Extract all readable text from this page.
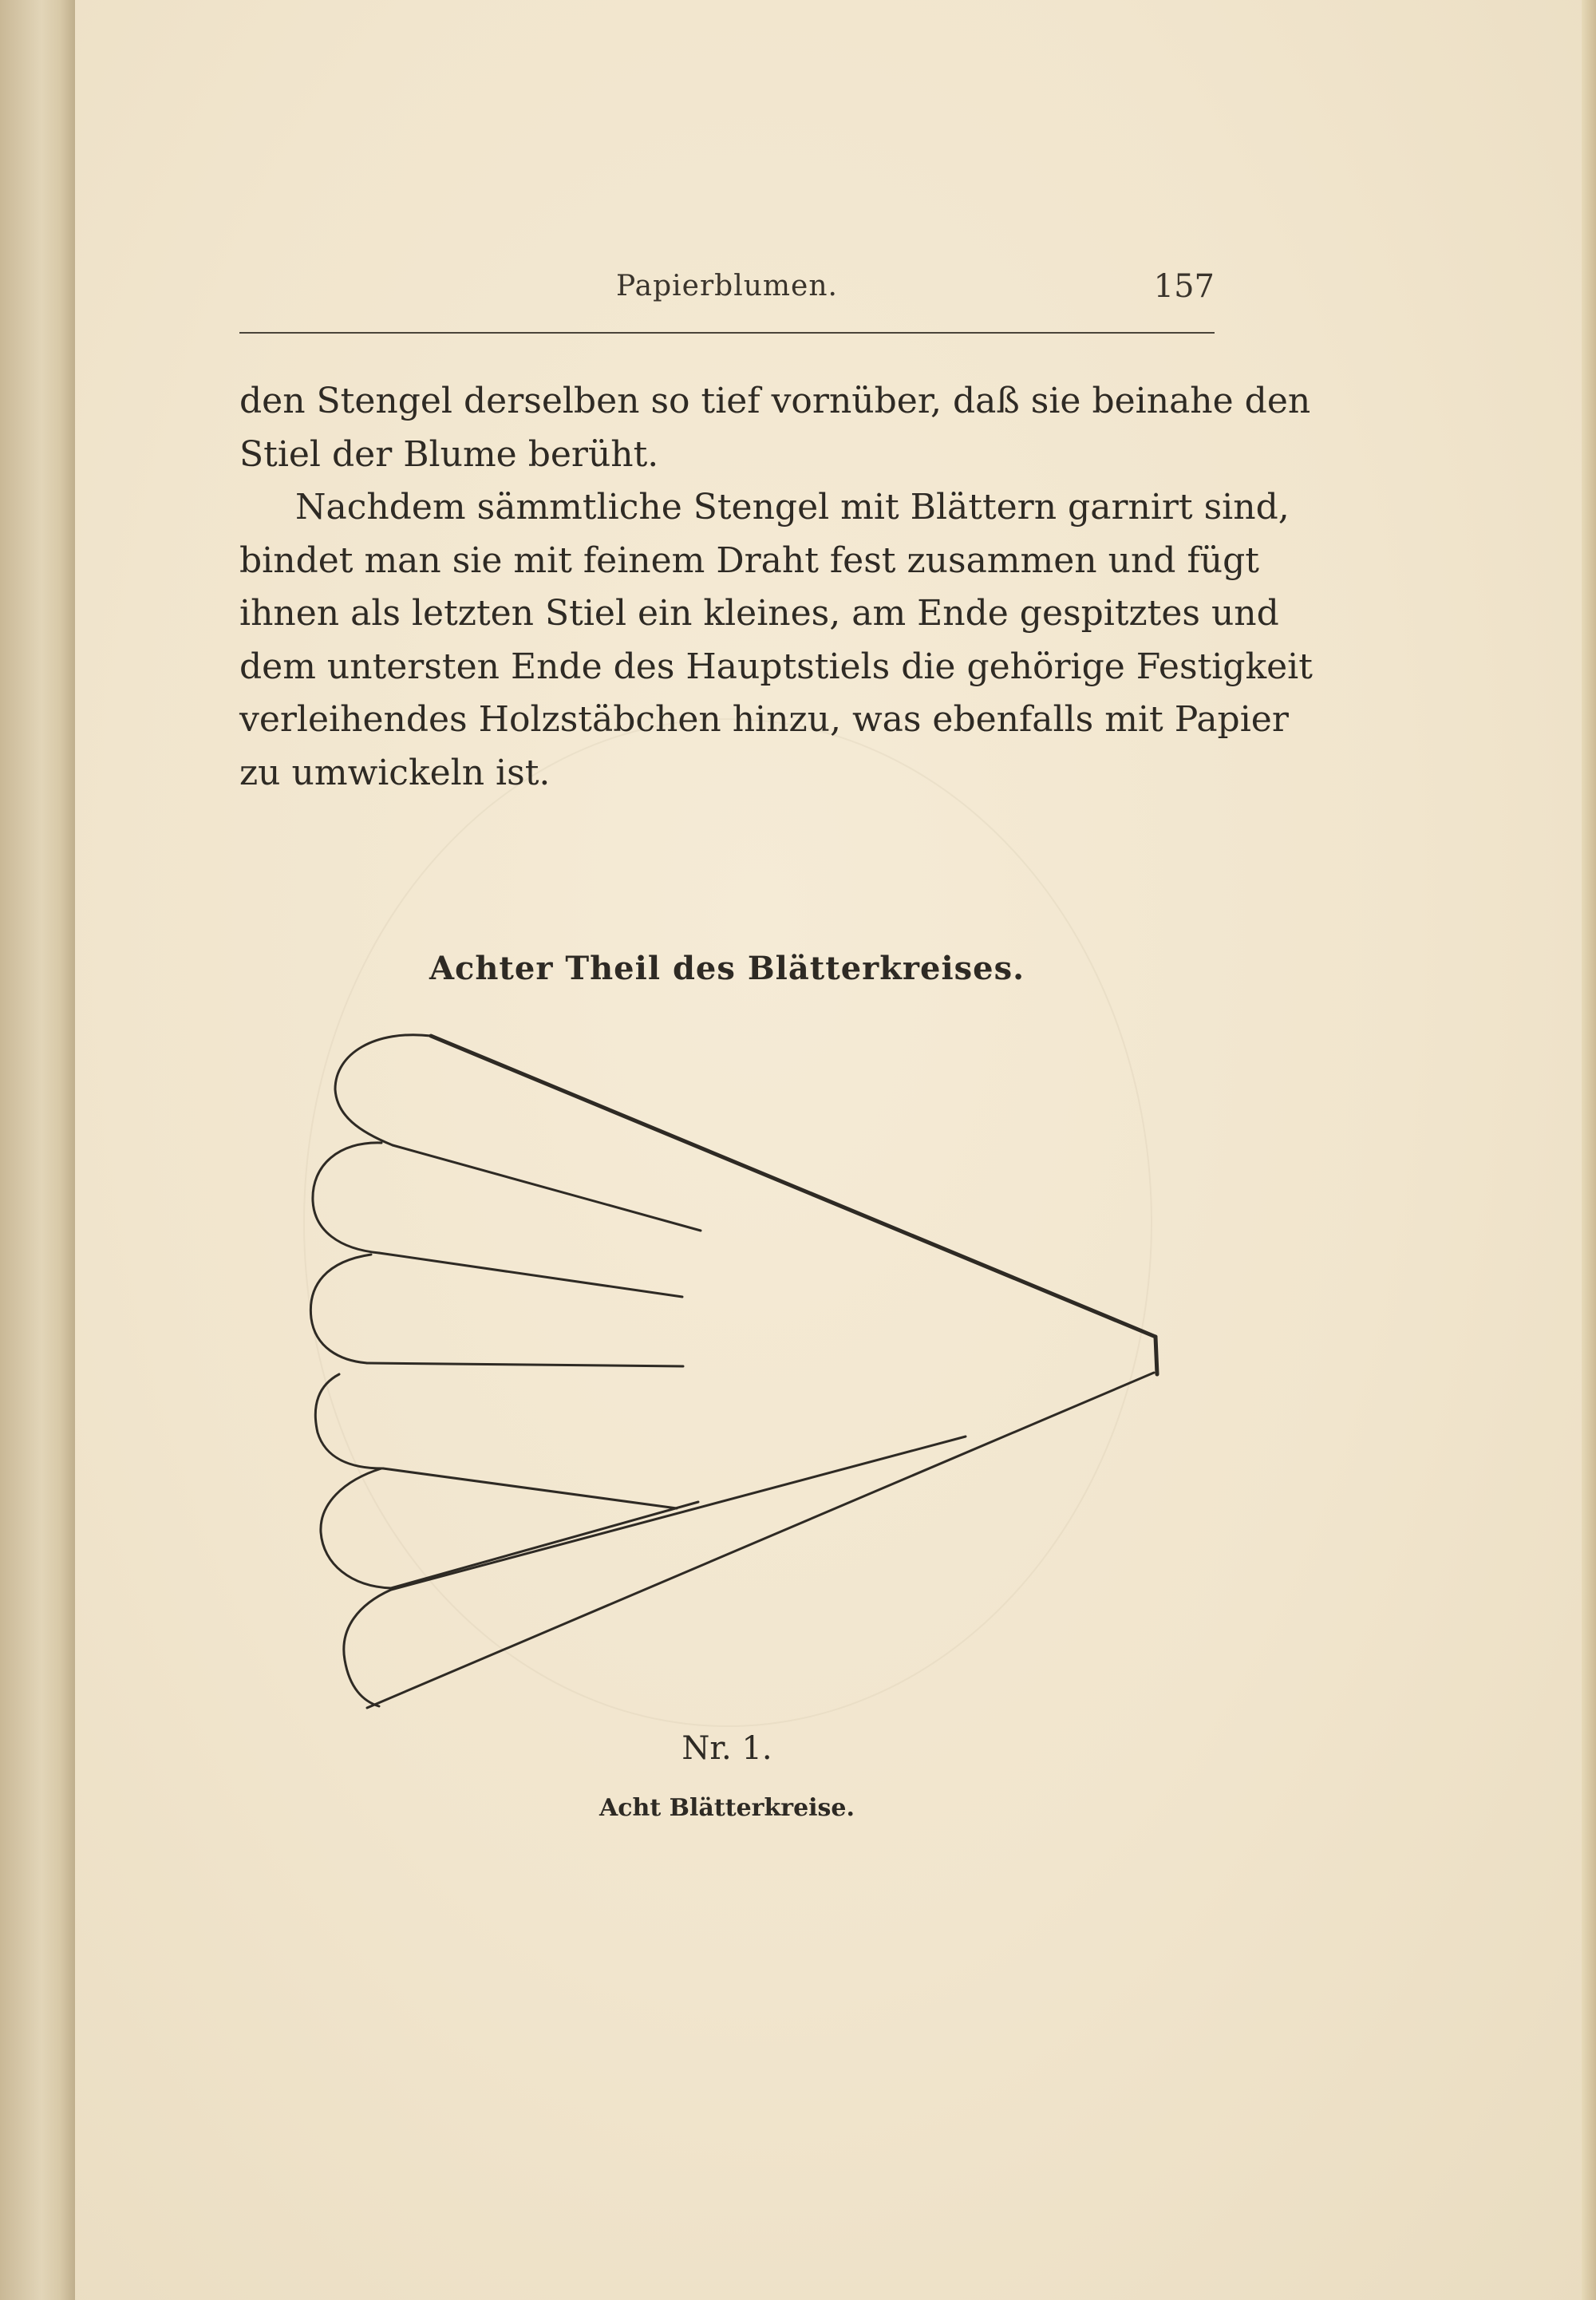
Papierblumen.	157
den Stengel derselben so tief vornüber, daß sie beinahe den
Stiel der Blume berüht.
Nachdem sämmtliche Stengel mit Blättern garnirt sind,
bindet man sie mit feinem Draht fest zusammen und fügt
ihnen als letzten Stiel ein kleines, am Ende gespitztes und
dem untersten Ende des Hauptstiels die gehörige Festigkeit
verleihendes Holzstäbchen hinzu, was ebenfalls mit Papier
zu umwickeln ist.
Achter Theil des Blätterkreises.
Nr. 1.
Acht Blätterkreise.
